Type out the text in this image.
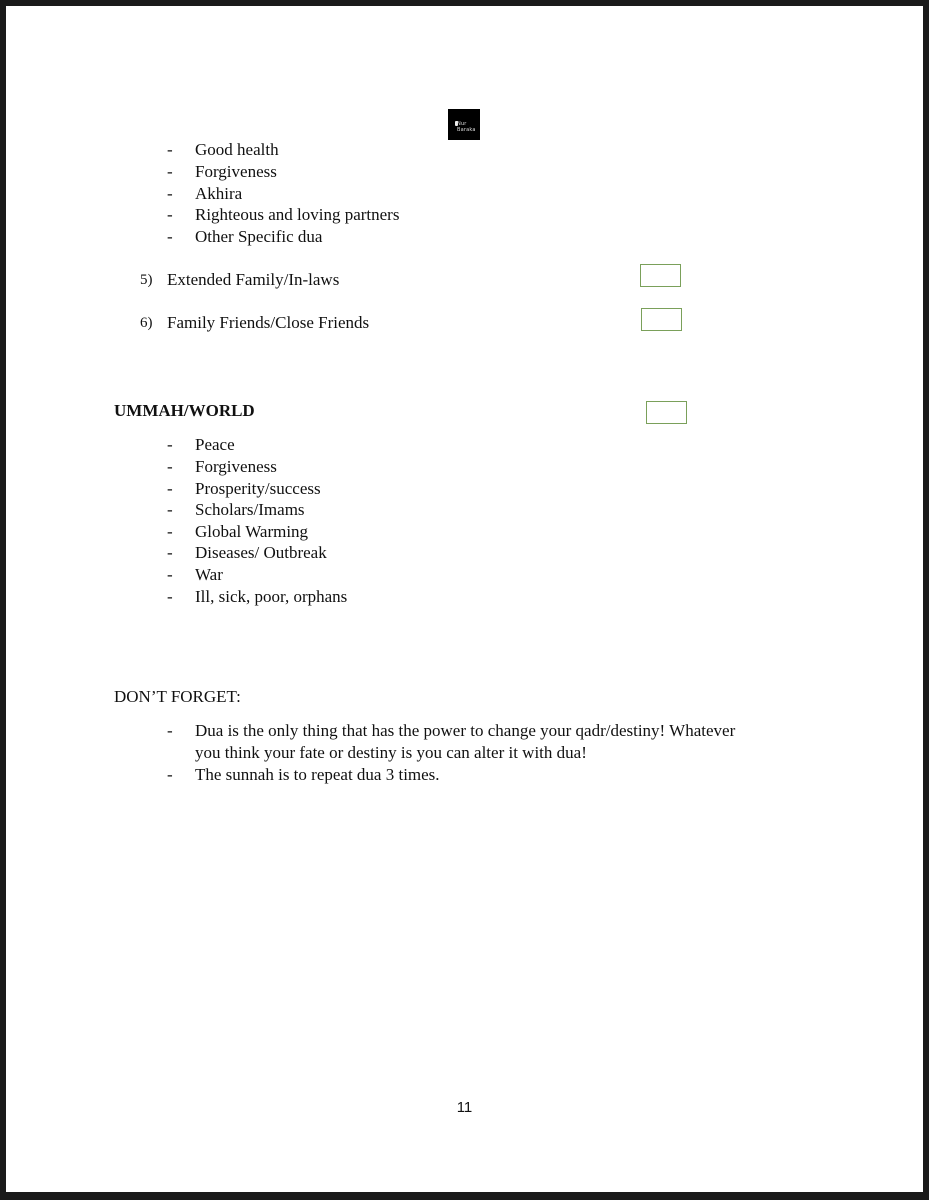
Nur Baraka
- Good health
- Forgiveness
- Akhira
- Righteous and loving partners
- Other Specific dua
5) Extended Family/In-laws
6) Family Friends/Close Friends
UMMAH/WORLD
- Peace
- Forgiveness
- Prosperity/success
- Scholars/Imams
- Global Warming
- Diseases/ Outbreak
- War
- Ill, sick, poor, orphans
DON’T FORGET:
- Dua is the only thing that has the power to change your qadr/destiny! Whatever
you think your fate or destiny is you can alter it with dua!
- The sunnah is to repeat dua 3 times.
11
